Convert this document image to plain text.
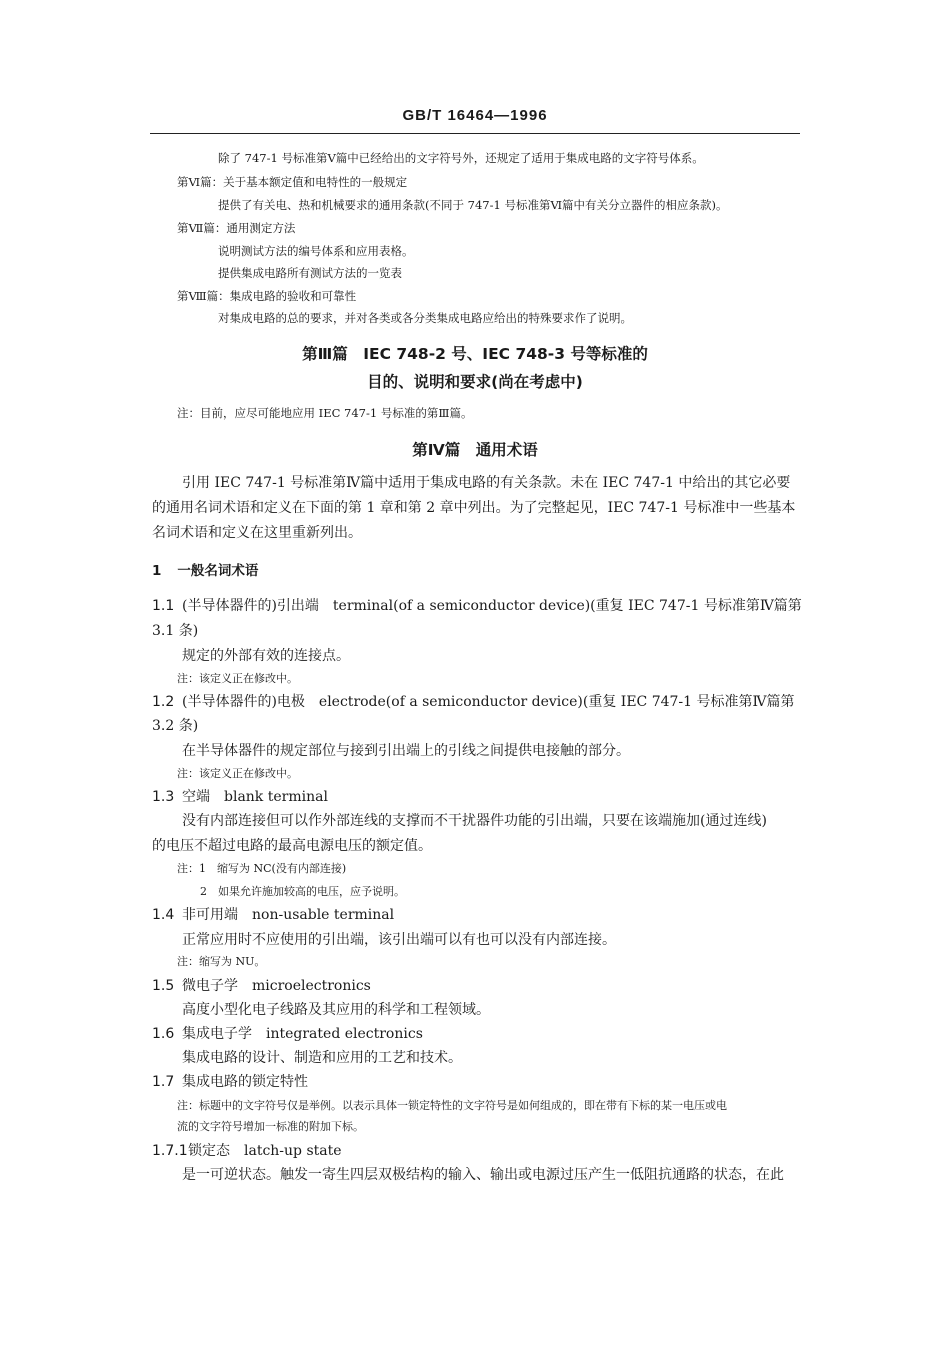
GB/T 16464—1996
除了 747-1 号标准第Ⅴ篇中已经给出的文字符号外，还规定了适用于集成电路的文字符号体系。
第Ⅵ篇：关于基本额定值和电特性的一般规定
提供了有关电、热和机械要求的通用条款(不同于 747-1 号标准第Ⅵ篇中有关分立器件的相应条款)。
第Ⅶ篇：通用测定方法
说明测试方法的编号体系和应用表格。
提供集成电路所有测试方法的一览表
第Ⅷ篇：集成电路的验收和可靠性
对集成电路的总的要求，并对各类或各分类集成电路应给出的特殊要求作了说明。
第Ⅲ篇　IEC 748-2 号、IEC 748-3 号等标准的
目的、说明和要求(尚在考虑中)
注：目前，应尽可能地应用 IEC 747-1 号标准的第Ⅲ篇。
第Ⅳ篇　通用术语
引用 IEC 747-1 号标准第Ⅳ篇中适用于集成电路的有关条款。未在 IEC 747-1 中给出的其它必要
的通用名词术语和定义在下面的第 1 章和第 2 章中列出。为了完整起见，IEC 747-1 号标准中一些基本
名词术语和定义在这里重新列出。
1 一般名词术语
1.1 (半导体器件的)引出端　terminal(of a semiconductor device)(重复 IEC 747-1 号标准第Ⅳ篇第
3.1 条)
规定的外部有效的连接点。
注：该定义正在修改中。
1.2 (半导体器件的)电极　electrode(of a semiconductor device)(重复 IEC 747-1 号标准第Ⅳ篇第
3.2 条)
在半导体器件的规定部位与接到引出端上的引线之间提供电接触的部分。
注：该定义正在修改中。
1.3 空端　blank terminal
没有内部连接但可以作外部连线的支撑而不干扰器件功能的引出端，只要在该端施加(通过连线)
的电压不超过电路的最高电源电压的额定值。
注：1　缩写为 NC(没有内部连接)
2　如果允许施加较高的电压，应予说明。
1.4 非可用端　non-usable terminal
正常应用时不应使用的引出端，该引出端可以有也可以没有内部连接。
注：缩写为 NU。
1.5 微电子学　microelectronics
高度小型化电子线路及其应用的科学和工程领域。
1.6 集成电子学　integrated electronics
集成电路的设计、制造和应用的工艺和技术。
1.7 集成电路的锁定特性
注：标题中的文字符号仅是举例。以表示具体一锁定特性的文字符号是如何组成的，即在带有下标的某一电压或电
流的文字符号增加一标准的附加下标。
1.7.1锁定态　latch-up state
是一可逆状态。触发一寄生四层双极结构的输入、输出或电源过压产生一低阻抗通路的状态，在此
